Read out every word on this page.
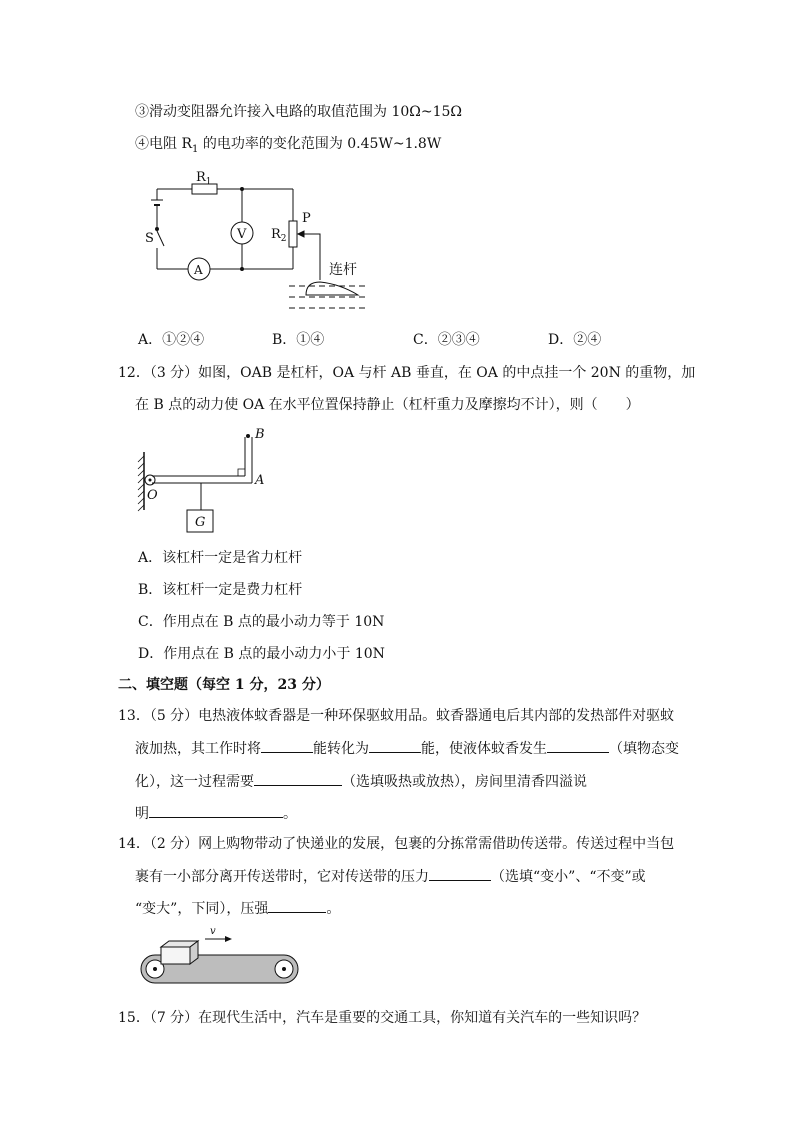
③滑动变阻器允许接入电路的取值范围为 10Ω~15Ω
④电阻 $R_1$ 的电功率的变化范围为 0.45W~1.8W
$R_1$
$R_2$
P
V
A
S
连杆
A．①②④	B．①④	C．②③④	D．②④
12．（3 分）如图，OAB 是杠杆，OA 与杆 AB 垂直，在 OA 的中点挂一个 20N 的重物，加
在 B 点的动力使 OA 在水平位置保持静止（杠杆重力及摩擦均不计），则（　　）
B
A
O
G
A．该杠杆一定是省力杠杆
B．该杠杆一定是费力杠杆
C．作用点在 B 点的最小动力等于 10N
D．作用点在 B 点的最小动力小于 10N
二、填空题（每空 1 分，23 分）
13．（5 分）电热液体蚊香器是一种环保驱蚊用品。蚊香器通电后其内部的发热部件对驱蚊
液加热，其工作时将	能转化为	能，使液体蚊香发生	（填物态变
化），这一过程需要	（选填吸热或放热），房间里清香四溢说
明	。
14．（2 分）网上购物带动了快递业的发展，包裹的分拣常需借助传送带。传送过程中当包
裹有一小部分离开传送带时，它对传送带的压力	（选填“变小”、“不变”或
“变大”，下同），压强	。
v
15．（7 分）在现代生活中，汽车是重要的交通工具，你知道有关汽车的一些知识吗？
